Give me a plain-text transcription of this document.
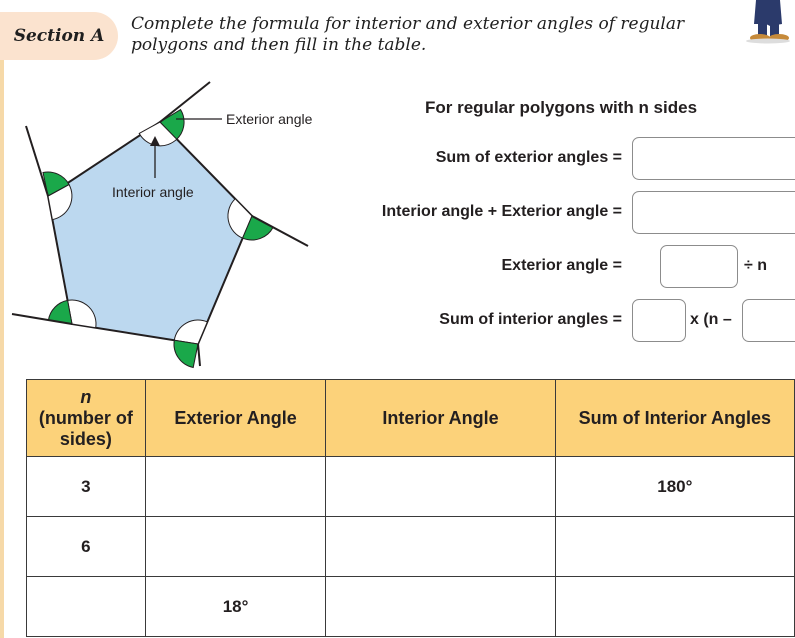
Section A
Complete the formula for interior and exterior angles of regular polygons and then fill in the table.
Exterior angle
Interior angle
For regular polygons with n sides
Sum of exterior angles =
Interior angle + Exterior angle =
Exterior angle =	÷ n
Sum of interior angles =	x (n –
n
(number of sides)	Exterior Angle	Interior Angle	Sum of Interior Angles
3			180°
6			
	18°		
